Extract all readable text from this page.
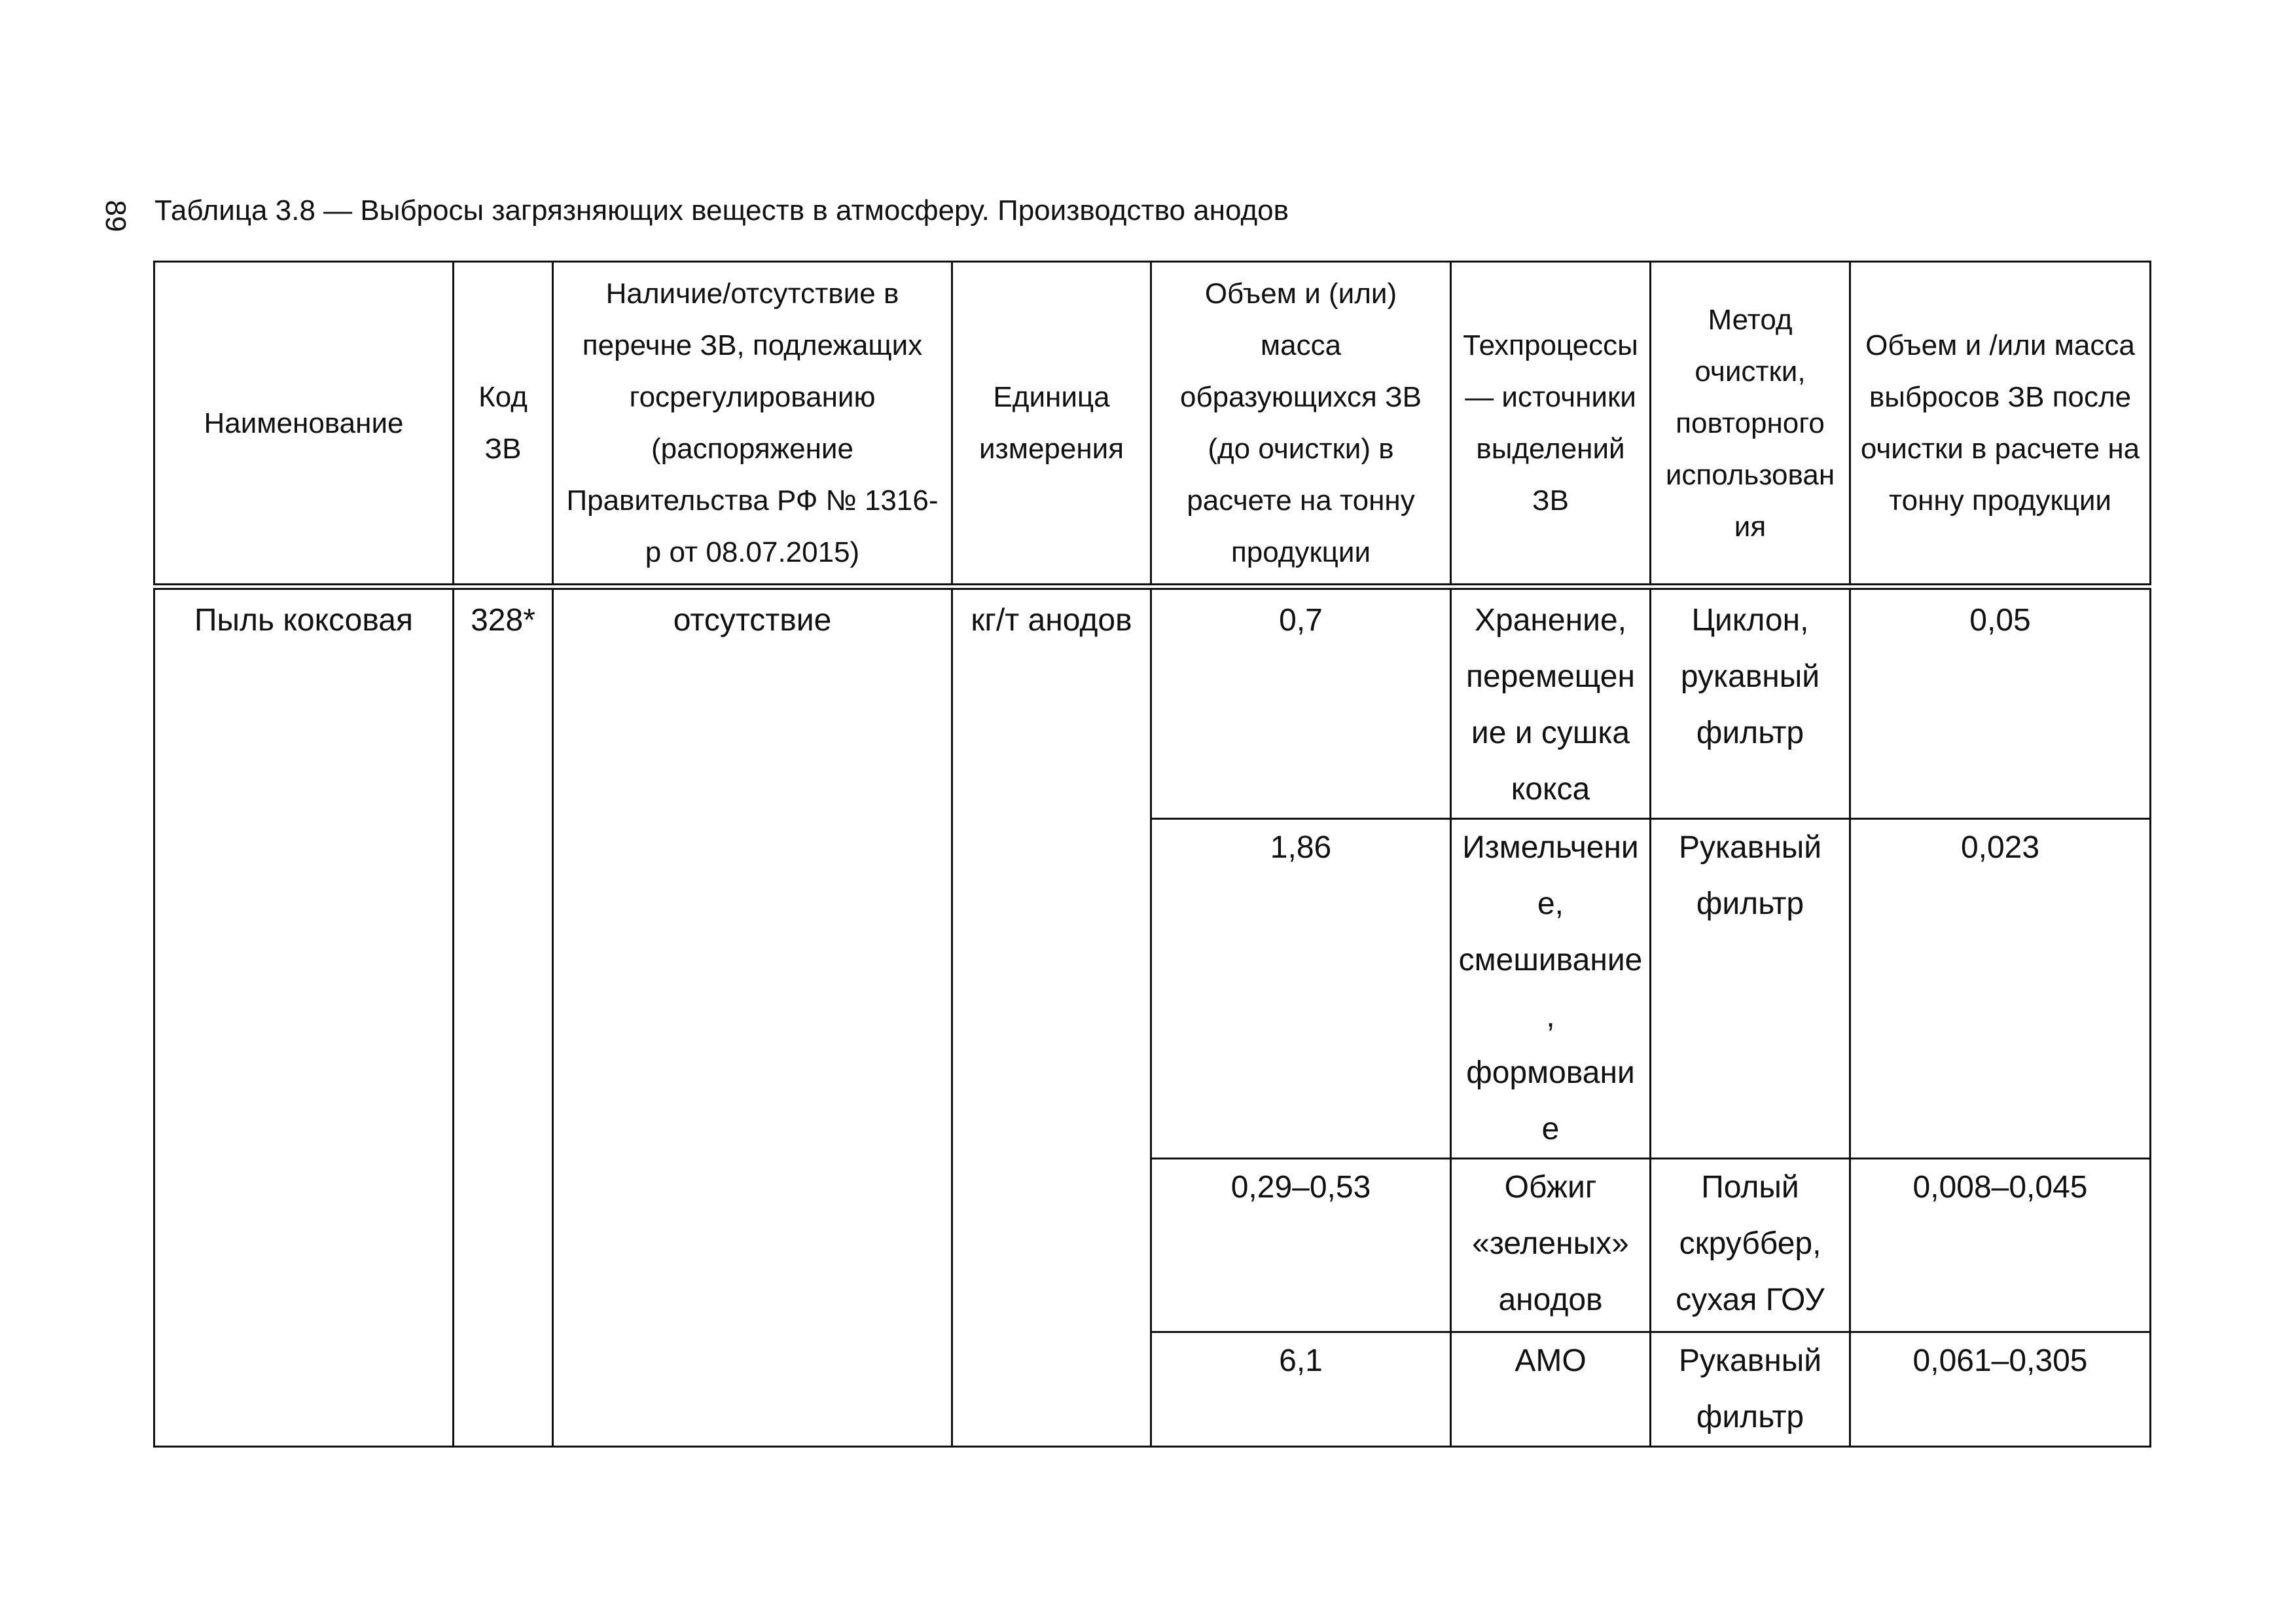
89 Таблица 3.8 — Выбросы загрязняющих веществ в атмосферу. Производство анодов
Наименование	Код ЗВ	Наличие/отсутствие в перечне ЗВ, подлежащих госрегулированию (распоряжение Правительства РФ № 1316-р от 08.07.2015)	Единица измерения	Объем и (или) масса образующихся ЗВ (до очистки) в расчете на тонну продукции	Техпроцессы — источники выделений ЗВ	Метод очистки, повторного использования	Объем и /или масса выбросов ЗВ после очистки в расчете на тонну продукции

Пыль коксовая	328*	отсутствие	кг/т анодов	0,7	Хранение, перемещение и сушка кокса	Циклон, рукавный фильтр	0,05
				1,86	Измельчение, смешивание, формование	Рукавный фильтр	0,023
				0,29–0,53	Обжиг «зеленых» анодов	Полый скруббер, сухая ГОУ	0,008–0,045
				6,1	АМО	Рукавный фильтр	0,061–0,305
